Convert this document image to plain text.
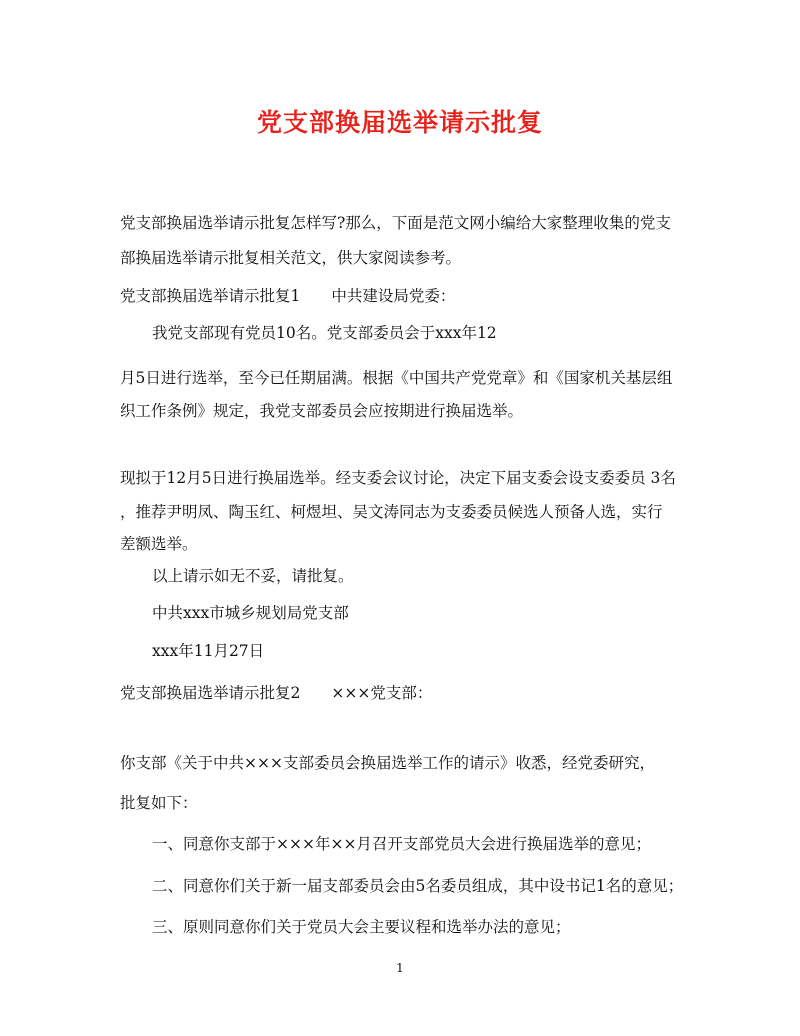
党支部换届选举请示批复
党支部换届选举请示批复怎样写?那么，下面是范文网小编给大家整理收集的党支
部换届选举请示批复相关范文，供大家阅读参考。
党支部换届选举请示批复1　　中共建设局党委：
我党支部现有党员10名。党支部委员会于xxx年12
月5日进行选举，至今已任期届满。根据《中国共产党党章》和《国家机关基层组
织工作条例》规定，我党支部委员会应按期进行换届选举。
现拟于12月5日进行换届选举。经支委会议讨论，决定下届支委会设支委委员 3名
，推荐尹明凤、陶玉红、柯煜坦、吴文涛同志为支委委员候选人预备人选，实行
差额选举。
以上请示如无不妥，请批复。
中共xxx市城乡规划局党支部
xxx年11月27日
党支部换届选举请示批复2　　×××党支部：
你支部《关于中共×××支部委员会换届选举工作的请示》收悉，经党委研究，
批复如下：
一、同意你支部于×××年××月召开支部党员大会进行换届选举的意见；
二、同意你们关于新一届支部委员会由5名委员组成，其中设书记1名的意见；
三、原则同意你们关于党员大会主要议程和选举办法的意见；
1
